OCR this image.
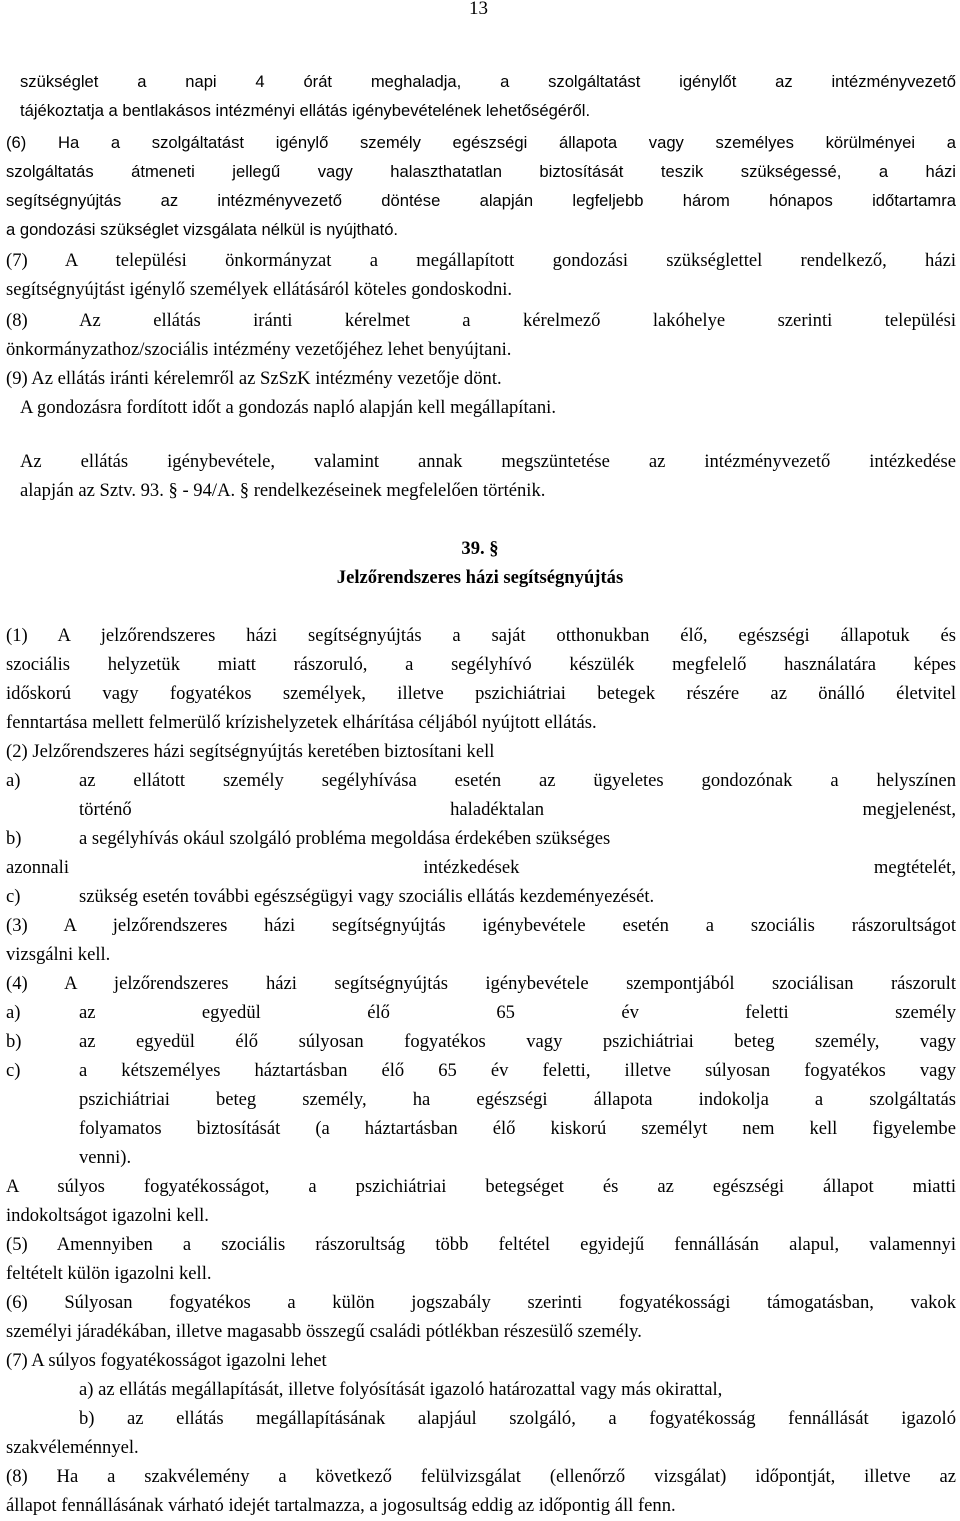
13

szükséglet a napi 4 órát meghaladja, a szolgáltatást igénylőt az intézményvezető

tájékoztatja a bentlakásos intézményi ellátás igénybevételének lehetőségéről.

(6) Ha a szolgáltatást igénylő személy egészségi állapota vagy személyes körülményei a

szolgáltatás átmeneti jellegű vagy halaszthatatlan biztosítását teszik szükségessé, a házi

segítségnyújtás az intézményvezető döntése alapján legfeljebb három hónapos időtartamra

a gondozási szükséglet vizsgálata nélkül is nyújtható.

(7) A települési önkormányzat a megállapított gondozási szükséglettel rendelkező, házi

segítségnyújtást igénylő személyek ellátásáról köteles gondoskodni.

(8) Az ellátás iránti kérelmet a kérelmező lakóhelye szerinti települési

önkormányzathoz/szociális intézmény vezetőjéhez lehet benyújtani.

(9) Az ellátás iránti kérelemről az SzSzK intézmény vezetője dönt.

A gondozásra fordított időt a gondozás napló alapján kell megállapítani.

Az ellátás igénybevétele, valamint annak megszüntetése az intézményvezető intézkedése

alapján az Sztv. 93. § - 94/A. § rendelkezéseinek megfelelően történik.

39. §

Jelzőrendszeres házi segítségnyújtás

(1) A jelzőrendszeres házi segítségnyújtás a saját otthonukban élő, egészségi állapotuk és

szociális helyzetük miatt rászoruló, a segélyhívó készülék megfelelő használatára képes

időskorú vagy fogyatékos személyek, illetve pszichiátriai betegek részére az önálló életvitel

fenntartása mellett felmerülő krízishelyzetek elhárítása céljából nyújtott ellátás.

(2) Jelzőrendszeres házi segítségnyújtás keretében biztosítani kell

a)	az ellátott személy segélyhívása esetén az ügyeletes gondozónak a helyszínen

történő haladéktalan megjelenést,

b)	a segélyhívás okául szolgáló probléma megoldása érdekében szükséges

azonnali intézkedések megtételét,

c)	szükség esetén további egészségügyi vagy szociális ellátás kezdeményezését.

(3) A jelzőrendszeres házi segítségnyújtás igénybevétele esetén a szociális rászorultságot

vizsgálni kell.

(4) A jelzőrendszeres házi segítségnyújtás igénybevétele szempontjából szociálisan rászorult

a)	az egyedül élő 65 év feletti személy
b)	az egyedül élő súlyosan fogyatékos vagy pszichiátriai beteg személy, vagy
c)	a kétszemélyes háztartásban élő 65 év feletti, illetve súlyosan fogyatékos vagy

pszichiátriai beteg személy, ha egészségi állapota indokolja a szolgáltatás

folyamatos biztosítását (a háztartásban élő kiskorú személyt nem kell figyelembe

venni).

A súlyos fogyatékosságot, a pszichiátriai betegséget és az egészségi állapot miatti

indokoltságot igazolni kell.

(5) Amennyiben a szociális rászorultság több feltétel egyidejű fennállásán alapul, valamennyi

feltételt külön igazolni kell.

(6) Súlyosan fogyatékos a külön jogszabály szerinti fogyatékossági támogatásban, vakok

személyi járadékában, illetve magasabb összegű családi pótlékban részesülő személy.

(7) A súlyos fogyatékosságot igazolni lehet

a) az ellátás megállapítását, illetve folyósítását igazoló határozattal vagy más okirattal,

b) az ellátás megállapításának alapjául szolgáló, a fogyatékosság fennállását igazoló

szakvéleménnyel.

(8) Ha a szakvélemény a következő felülvizsgálat (ellenőrző vizsgálat) időpontját, illetve az

állapot fennállásának várható idejét tartalmazza, a jogosultság eddig az időpontig áll fenn.
